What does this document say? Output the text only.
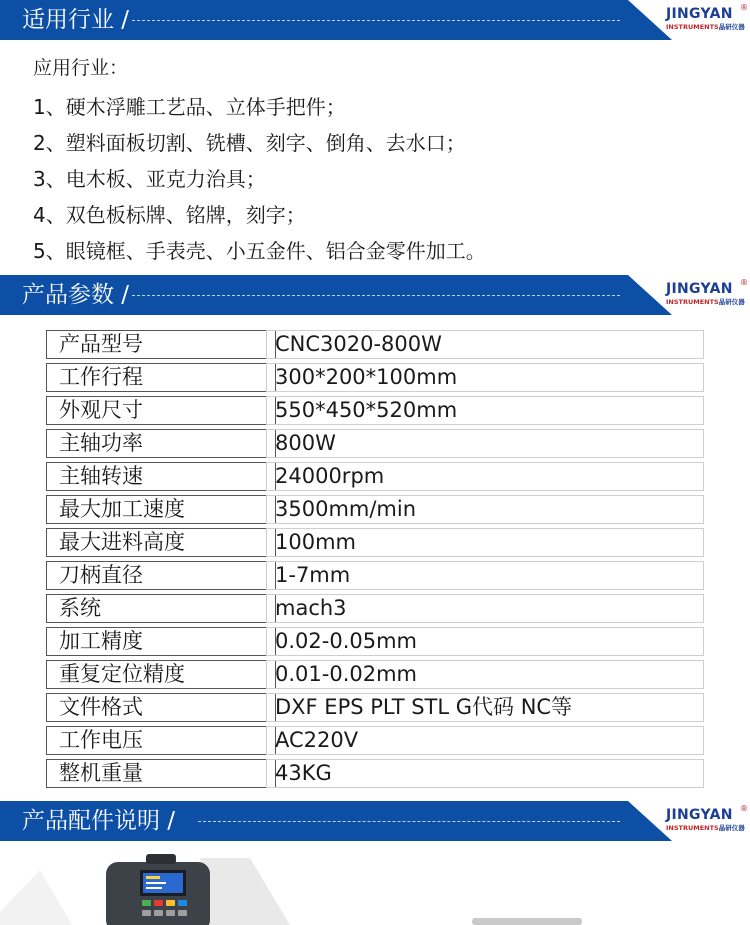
适用行业 /	JINGYAN ®
INSTRUMENTS晶研仪器
应用行业：
1、硬木浮雕工艺品、立体手把件；
2、塑料面板切割、铣槽、刻字、倒角、去水口；
3、电木板、亚克力治具；
4、双色板标牌、铭牌，刻字；
5、眼镜框、手表壳、小五金件、铝合金零件加工。
产品参数 /	JINGYAN ®
INSTRUMENTS晶研仪器
产品型号	CNC3020-800W
工作行程	300*200*100mm
外观尺寸	550*450*520mm
主轴功率	800W
主轴转速	24000rpm
最大加工速度	3500mm/min
最大进料高度	100mm
刀柄直径	1-7mm
系统	mach3
加工精度	0.02-0.05mm
重复定位精度	0.01-0.02mm
文件格式	DXF EPS PLT STL G代码 NC等
工作电压	AC220V
整机重量	43KG
产品配件说明 /	JINGYAN ®
INSTRUMENTS晶研仪器
